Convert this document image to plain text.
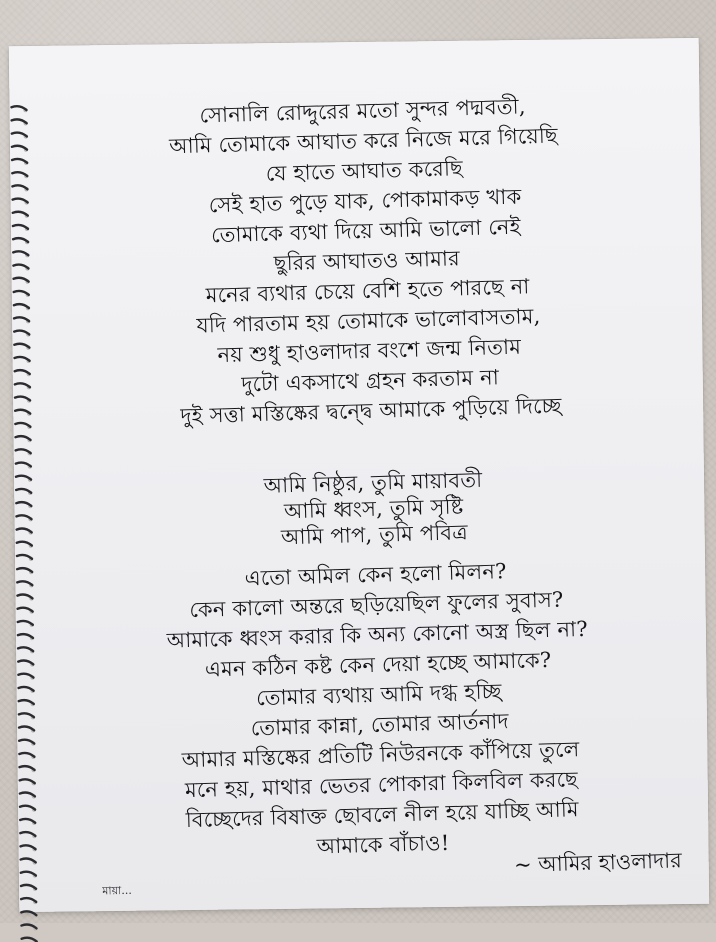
সোনালি রোদ্দুরের মতো সুন্দর পদ্মবতী,
আমি তোমাকে আঘাত করে নিজে মরে গিয়েছি
যে হাতে আঘাত করেছি
সেই হাত পুড়ে যাক, পোকামাকড় খাক
তোমাকে ব্যথা দিয়ে আমি ভালো নেই
ছুরির আঘাতও আমার
মনের ব্যথার চেয়ে বেশি হতে পারছে না
যদি পারতাম হয় তোমাকে ভালোবাসতাম,
নয় শুধু হাওলাদার বংশে জন্ম নিতাম
দুটো একসাথে গ্রহন করতাম না
দুই সত্তা মস্তিষ্কের দ্বন্দ্বে আমাকে পুড়িয়ে দিচ্ছে
আমি নিষ্ঠুর, তুমি মায়াবতী
আমি ধ্বংস, তুমি সৃষ্টি
আমি পাপ, তুমি পবিত্র
এতো অমিল কেন হলো মিলন?
কেন কালো অন্তরে ছড়িয়েছিল ফুলের সুবাস?
আমাকে ধ্বংস করার কি অন্য কোনো অস্ত্র ছিল না?
এমন কঠিন কষ্ট কেন দেয়া হচ্ছে আমাকে?
তোমার ব্যথায় আমি দগ্ধ হচ্ছি
তোমার কান্না, তোমার আর্তনাদ
আমার মস্তিষ্কের প্রতিটি নিউরনকে কাঁপিয়ে তুলে
মনে হয়, মাথার ভেতর পোকারা কিলবিল করছে
বিচ্ছেদের বিষাক্ত ছোবলে নীল হয়ে যাচ্ছি আমি
আমাকে বাঁচাও!
~ আমির হাওলাদার
মায়া...
